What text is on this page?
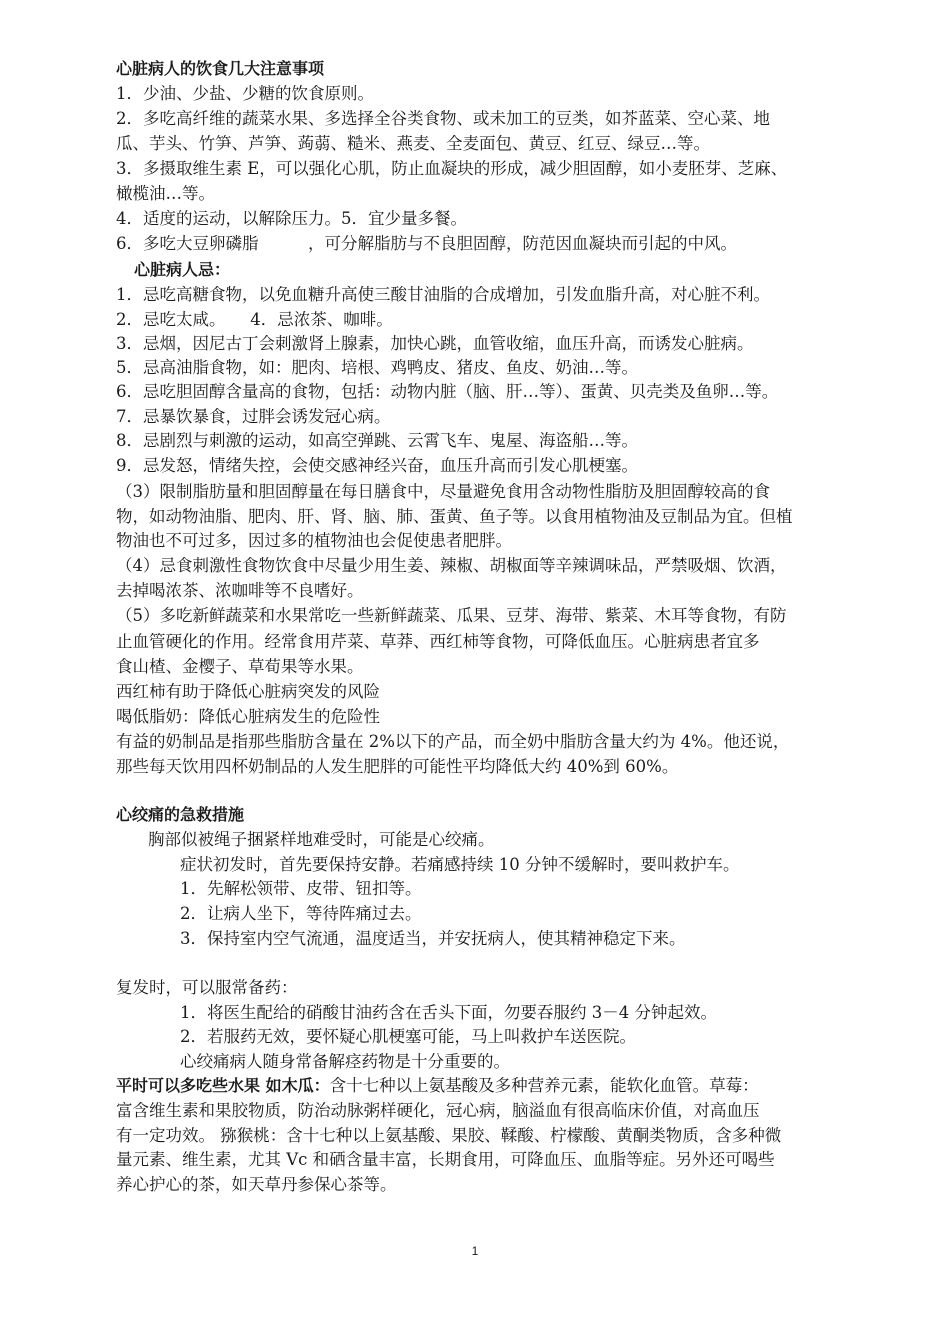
心脏病人的饮食几大注意事项
1．少油、少盐、少糖的饮食原则。
2．多吃高纤维的蔬菜水果、多选择全谷类食物、或未加工的豆类，如芥蓝菜、空心菜、地
瓜、芋头、竹笋、芦笋、蒟蒻、糙米、燕麦、全麦面包、黄豆、红豆、绿豆…等。
3．多摄取维生素 E，可以强化心肌，防止血凝块的形成，减少胆固醇，如小麦胚芽、芝麻、
橄榄油…等。
4．适度的运动，以解除压力。5．宜少量多餐。
6．多吃大豆卵磷脂　　　，可分解脂肪与不良胆固醇，防范因血凝块而引起的中风。
心脏病人忌：
1．忌吃高糖食物，以免血糖升高使三酸甘油脂的合成增加，引发血脂升高，对心脏不利。
2．忌吃太咸。　　4．忌浓茶、咖啡。
3．忌烟，因尼古丁会刺激肾上腺素，加快心跳，血管收缩，血压升高，而诱发心脏病。
5．忌高油脂食物，如：肥肉、培根、鸡鸭皮、猪皮、鱼皮、奶油…等。
6．忌吃胆固醇含量高的食物，包括：动物内脏（脑、肝…等）、蛋黄、贝壳类及鱼卵…等。
7．忌暴饮暴食，过胖会诱发冠心病。
8．忌剧烈与刺激的运动，如高空弹跳、云霄飞车、鬼屋、海盗船…等。
9．忌发怒，情绪失控，会使交感神经兴奋，血压升高而引发心肌梗塞。
（3）限制脂肪量和胆固醇量在每日膳食中，尽量避免食用含动物性脂肪及胆固醇较高的食
物，如动物油脂、肥肉、肝、肾、脑、肺、蛋黄、鱼子等。以食用植物油及豆制品为宜。但植
物油也不可过多，因过多的植物油也会促使患者肥胖。
（4）忌食刺激性食物饮食中尽量少用生姜、辣椒、胡椒面等辛辣调味品，严禁吸烟、饮酒，
去掉喝浓茶、浓咖啡等不良嗜好。
（5）多吃新鲜蔬菜和水果常吃一些新鲜蔬菜、瓜果、豆芽、海带、紫菜、木耳等食物，有防
止血管硬化的作用。经常食用芹菜、草莽、西红柿等食物，可降低血压。心脏病患者宜多
食山楂、金樱子、草荀果等水果。
西红柿有助于降低心脏病突发的风险
喝低脂奶：降低心脏病发生的危险性
有益的奶制品是指那些脂肪含量在 2%以下的产品，而全奶中脂肪含量大约为 4%。他还说，
那些每天饮用四杯奶制品的人发生肥胖的可能性平均降低大约 40%到 60%。
心绞痛的急救措施
胸部似被绳子捆紧样地难受时，可能是心绞痛。
症状初发时，首先要保持安静。若痛感持续 10 分钟不缓解时，要叫救护车。
1．先解松领带、皮带、钮扣等。
2．让病人坐下，等待阵痛过去。
3．保持室内空气流通，温度适当，并安抚病人，使其精神稳定下来。
复发时，可以服常备药：
1．将医生配给的硝酸甘油药含在舌头下面，勿要吞服约 3－4 分钟起效。
2．若服药无效，要怀疑心肌梗塞可能，马上叫救护车送医院。
心绞痛病人随身常备解痉药物是十分重要的。
平时可以多吃些水果 如木瓜：含十七种以上氨基酸及多种营养元素，能软化血管。草莓：
富含维生素和果胶物质，防治动脉粥样硬化，冠心病，脑溢血有很高临床价值，对高血压
有一定功效。 猕猴桃：含十七种以上氨基酸、果胶、鞣酸、柠檬酸、黄酮类物质，含多种微
量元素、维生素，尤其 Vc 和硒含量丰富，长期食用，可降血压、血脂等症。另外还可喝些
养心护心的茶，如天草丹参保心茶等。
1
